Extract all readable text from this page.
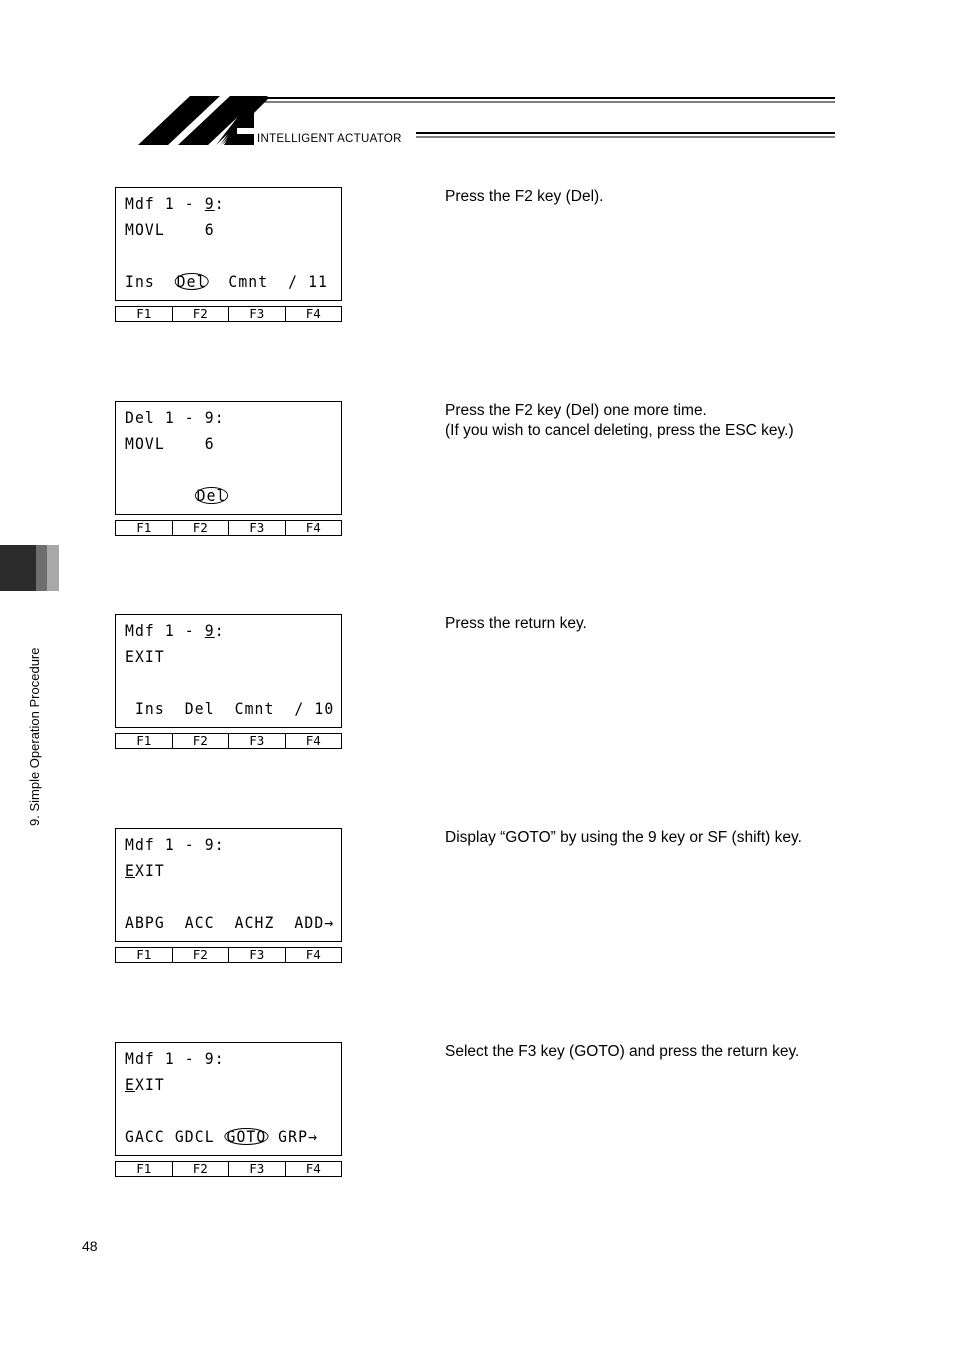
INTELLIGENT ACTUATOR
9. Simple Operation Procedure
Mdf 1 - 9:
MOVL    6
Ins  Del  Cmnt  / 11
F1	F2	F3	F4
Press the F2 key (Del).
Del 1 - 9:
MOVL    6
Del
F1	F2	F3	F4
Press the F2 key (Del) one more time.
(If you wish to cancel deleting, press the ESC key.)
Mdf 1 - 9:
EXIT
Ins  Del  Cmnt  / 10
F1	F2	F3	F4
Press the return key.
Mdf 1 - 9:
EXIT
ABPG  ACC  ACHZ  ADD→
F1	F2	F3	F4
Display “GOTO” by using the 9 key or SF (shift) key.
Mdf 1 - 9:
EXIT
GACC GDCL GOTO GRP→
F1	F2	F3	F4
Select the F3 key (GOTO) and press the return key.
48
